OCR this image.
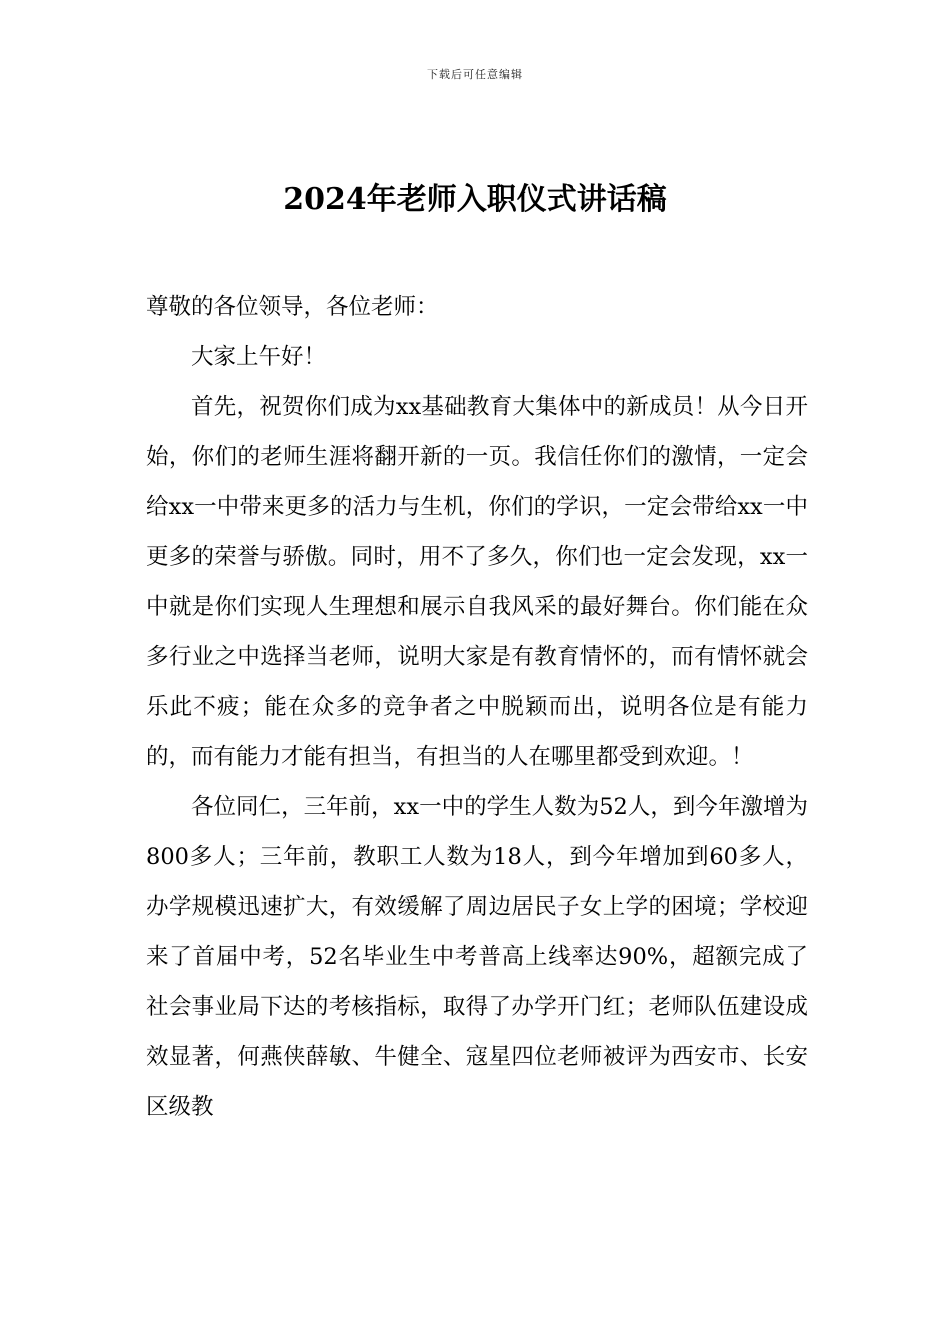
下载后可任意编辑
2024年老师入职仪式讲话稿

尊敬的各位领导，各位老师：

大家上午好！

首先，祝贺你们成为xx基础教育大集体中的新成员！从今日开始，你们的老师生涯将翻开新的一页。我信任你们的激情，一定会给xx一中带来更多的活力与生机，你们的学识，一定会带给xx一中更多的荣誉与骄傲。同时，用不了多久，你们也一定会发现，xx一中就是你们实现人生理想和展示自我风采的最好舞台。你们能在众多行业之中选择当老师，说明大家是有教育情怀的，而有情怀就会乐此不疲；能在众多的竞争者之中脱颖而出，说明各位是有能力的，而有能力才能有担当，有担当的人在哪里都受到欢迎。！

各位同仁，三年前，xx一中的学生人数为52人，到今年激增为800多人；三年前，教职工人数为18人，到今年增加到60多人，办学规模迅速扩大，有效缓解了周边居民子女上学的困境；学校迎来了首届中考，52名毕业生中考普高上线率达90%，超额完成了社会事业局下达的考核指标，取得了办学开门红；老师队伍建设成效显著，何燕侠薛敏、牛健全、寇星四位老师被评为西安市、长安区级教
